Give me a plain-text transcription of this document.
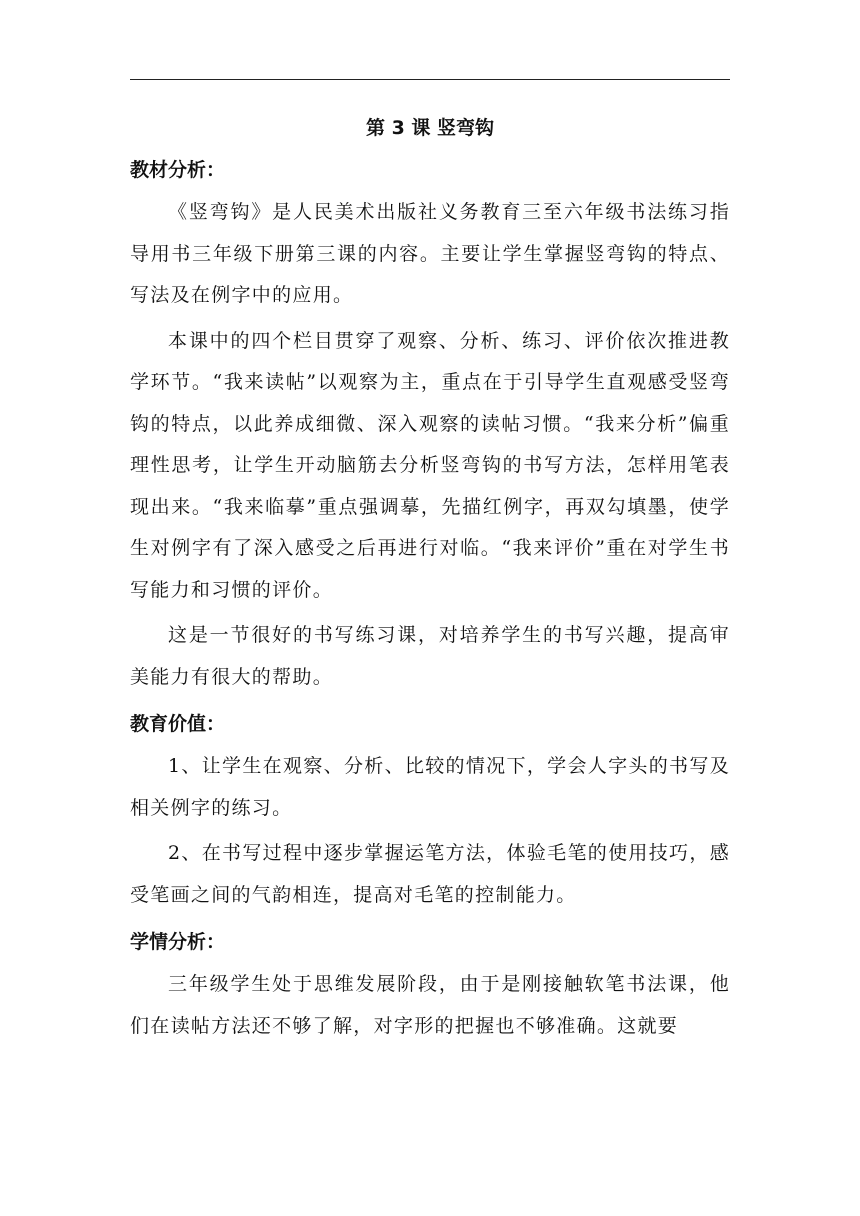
第 3 课 竖弯钩
教材分析：

《竖弯钩》是人民美术出版社义务教育三至六年级书法练习指导用书三年级下册第三课的内容。主要让学生掌握竖弯钩的特点、写法及在例字中的应用。

本课中的四个栏目贯穿了观察、分析、练习、评价依次推进教学环节。“我来读帖”以观察为主，重点在于引导学生直观感受竖弯钩的特点，以此养成细微、深入观察的读帖习惯。“我来分析”偏重理性思考，让学生开动脑筋去分析竖弯钩的书写方法，怎样用笔表现出来。“我来临摹”重点强调摹，先描红例字，再双勾填墨，使学生对例字有了深入感受之后再进行对临。“我来评价”重在对学生书写能力和习惯的评价。

这是一节很好的书写练习课，对培养学生的书写兴趣，提高审美能力有很大的帮助。

教育价值：

1、让学生在观察、分析、比较的情况下，学会人字头的书写及相关例字的练习。

2、在书写过程中逐步掌握运笔方法，体验毛笔的使用技巧，感受笔画之间的气韵相连，提高对毛笔的控制能力。

学情分析：

三年级学生处于思维发展阶段，由于是刚接触软笔书法课，他们在读帖方法还不够了解，对字形的把握也不够准确。这就要
